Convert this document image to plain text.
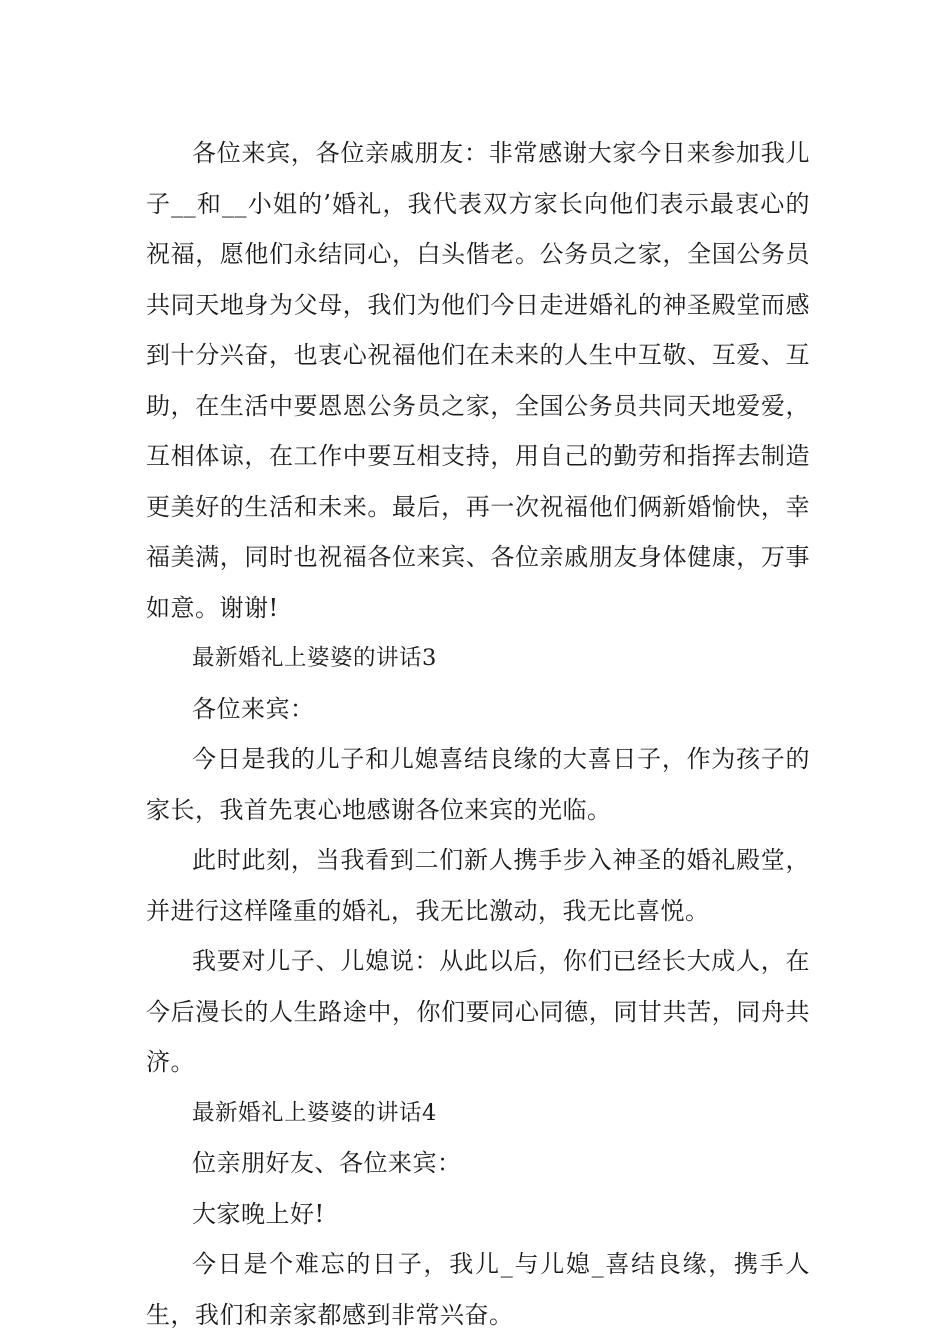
各位来宾，各位亲戚朋友：非常感谢大家今日来参加我儿子__和__小姐的’婚礼，我代表双方家长向他们表示最衷心的祝福，愿他们永结同心，白头偕老。公务员之家，全国公务员共同天地身为父母，我们为他们今日走进婚礼的神圣殿堂而感到十分兴奋，也衷心祝福他们在未来的人生中互敬、互爱、互助，在生活中要恩恩公务员之家，全国公务员共同天地爱爱，互相体谅，在工作中要互相支持，用自己的勤劳和指挥去制造更美好的生活和未来。最后，再一次祝福他们俩新婚愉快，幸福美满，同时也祝福各位来宾、各位亲戚朋友身体健康，万事如意。谢谢!

最新婚礼上婆婆的讲话3

各位来宾：

今日是我的儿子和儿媳喜结良缘的大喜日子，作为孩子的家长，我首先衷心地感谢各位来宾的光临。

此时此刻，当我看到二们新人携手步入神圣的婚礼殿堂，并进行这样隆重的婚礼，我无比激动，我无比喜悦。

我要对儿子、儿媳说：从此以后，你们已经长大成人，在今后漫长的人生路途中，你们要同心同德，同甘共苦，同舟共济。

最新婚礼上婆婆的讲话4

位亲朋好友、各位来宾：

大家晚上好!

今日是个难忘的日子，我儿_与儿媳_喜结良缘，携手人生，我们和亲家都感到非常兴奋。
